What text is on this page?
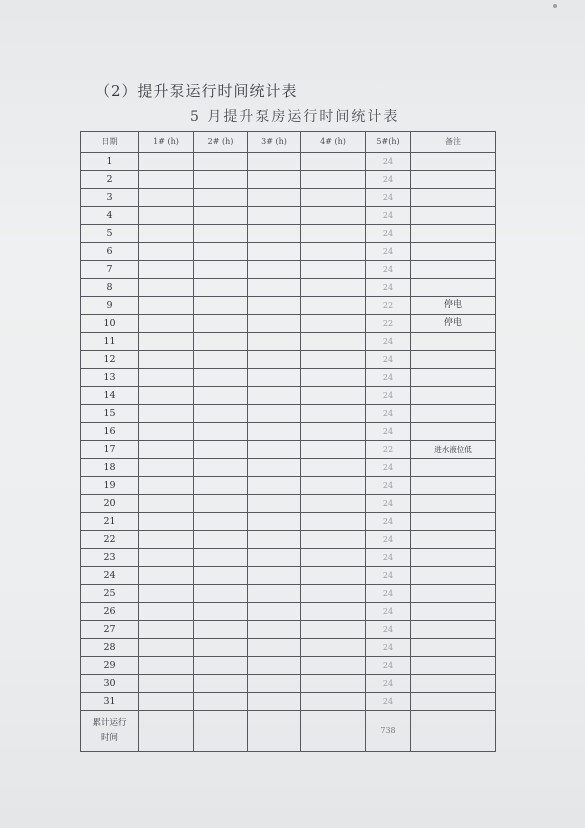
（2）提升泵运行时间统计表
5 月提升泵房运行时间统计表
日期	1# (h)	2# (h)	3# (h)	4# (h)	5#(h)	备注
1					24	
2					24	
3					24	
4					24	
5					24	
6					24	
7					24	
8					24	
9					22	停电
10					22	停电
11					24	
12					24	
13					24	
14					24	
15					24	
16					24	
17					22	进水液位低
18					24	
19					24	
20					24	
21					24	
22					24	
23					24	
24					24	
25					24	
26					24	
27					24	
28					24	
29					24	
30					24	
31					24	

累计运行
时间					738	
